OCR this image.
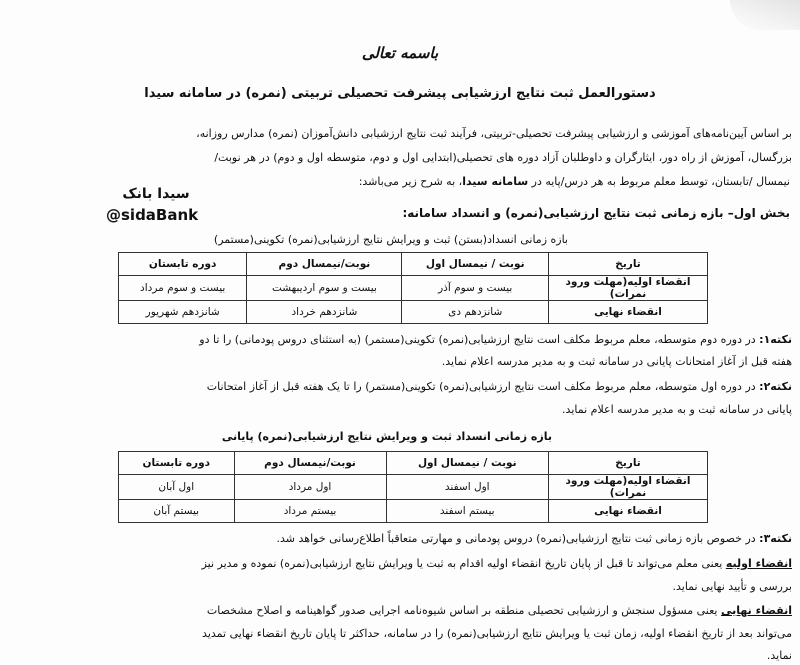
باسمه تعالی
دستورالعمل ثبت نتایج ارزشیابی پیشرفت تحصیلی تربیتی (نمره) در سامانه سیدا
بر اساس آیین‌نامه‌های آموزشی و ارزشیابی پیشرفت تحصیلی-تربیتی، فرآیند ثبت نتایج ارزشیابی دانش‌آموزان (نمره) مدارس روزانه،
بزرگسال، آموزش از راه دور، ایثارگران و داوطلبان آزاد دوره های تحصیلی(ابتدایی اول و دوم، متوسطه اول و دوم) در هر نوبت/
نیمسال /تابستان، توسط معلم مربوط به هر درس/پایه در سامانه سیدا، به شرح زیر می‌باشد:
سیدا بانک
@sidaBank	بخش اول– بازه زمانی ثبت نتایج ارزشیابی(نمره) و انسداد سامانه:
بازه زمانی انسداد(بستن) ثبت و ویرایش نتایج ارزشیابی(نمره) تکوینی(مستمر)
تاریخ	نوبت / نیمسال اول	نوبت/نیمسال دوم	دوره تابستان
انقضاء اولیه(مهلت ورود نمرات)	بیست و سوم آذر	بیست و سوم اردیبهشت	بیست و سوم مرداد
انقضاء نهایی	شانزدهم دی	شانزدهم خرداد	شانزدهم شهریور
نکته۱: در دوره دوم متوسطه، معلم مربوط مکلف است نتایج ارزشیابی(نمره) تکوینی(مستمر) (به استثنای دروس پودمانی) را تا دو
هفته قبل از آغاز امتحانات پایانی در سامانه ثبت و به مدیر مدرسه اعلام نماید.
نکته۲: در دوره اول متوسطه، معلم مربوط مکلف است نتایج ارزشیابی(نمره) تکوینی(مستمر) را تا یک هفته قبل از آغاز امتحانات
پایانی در سامانه ثبت و به مدیر مدرسه اعلام نماید.
بازه زمانی انسداد ثبت و ویرایش نتایج ارزشیابی(نمره) پایانی
تاریخ	نوبت / نیمسال اول	نوبت/نیمسال دوم	دوره تابستان
انقضاء اولیه(مهلت ورود نمرات)	اول اسفند	اول مرداد	اول آبان
انقضاء نهایی	بیستم اسفند	بیستم مرداد	بیستم آبان
نکته۳: در خصوص بازه زمانی ثبت نتایج ارزشیابی(نمره) دروس پودمانی و مهارتی متعاقباً اطلاع‌رسانی خواهد شد.
انقضاء اولیه یعنی معلم می‌تواند تا قبل از پایان تاریخ انقضاء اولیه اقدام به ثبت یا ویرایش نتایج ارزشیابی(نمره) نموده و مدیر نیز
بررسی و تأیید نهایی نماید.
انقضاء نهایی یعنی مسؤول سنجش و ارزشیابی تحصیلی منطقه بر اساس شیوه‌نامه اجرایی صدور گواهینامه و اصلاح مشخصات
می‌تواند بعد از تاریخ انقضاء اولیه، زمان ثبت یا ویرایش نتایج ارزشیابی(نمره) را در سامانه، حداکثر تا پایان تاریخ انقضاء نهایی تمدید
نماید.
